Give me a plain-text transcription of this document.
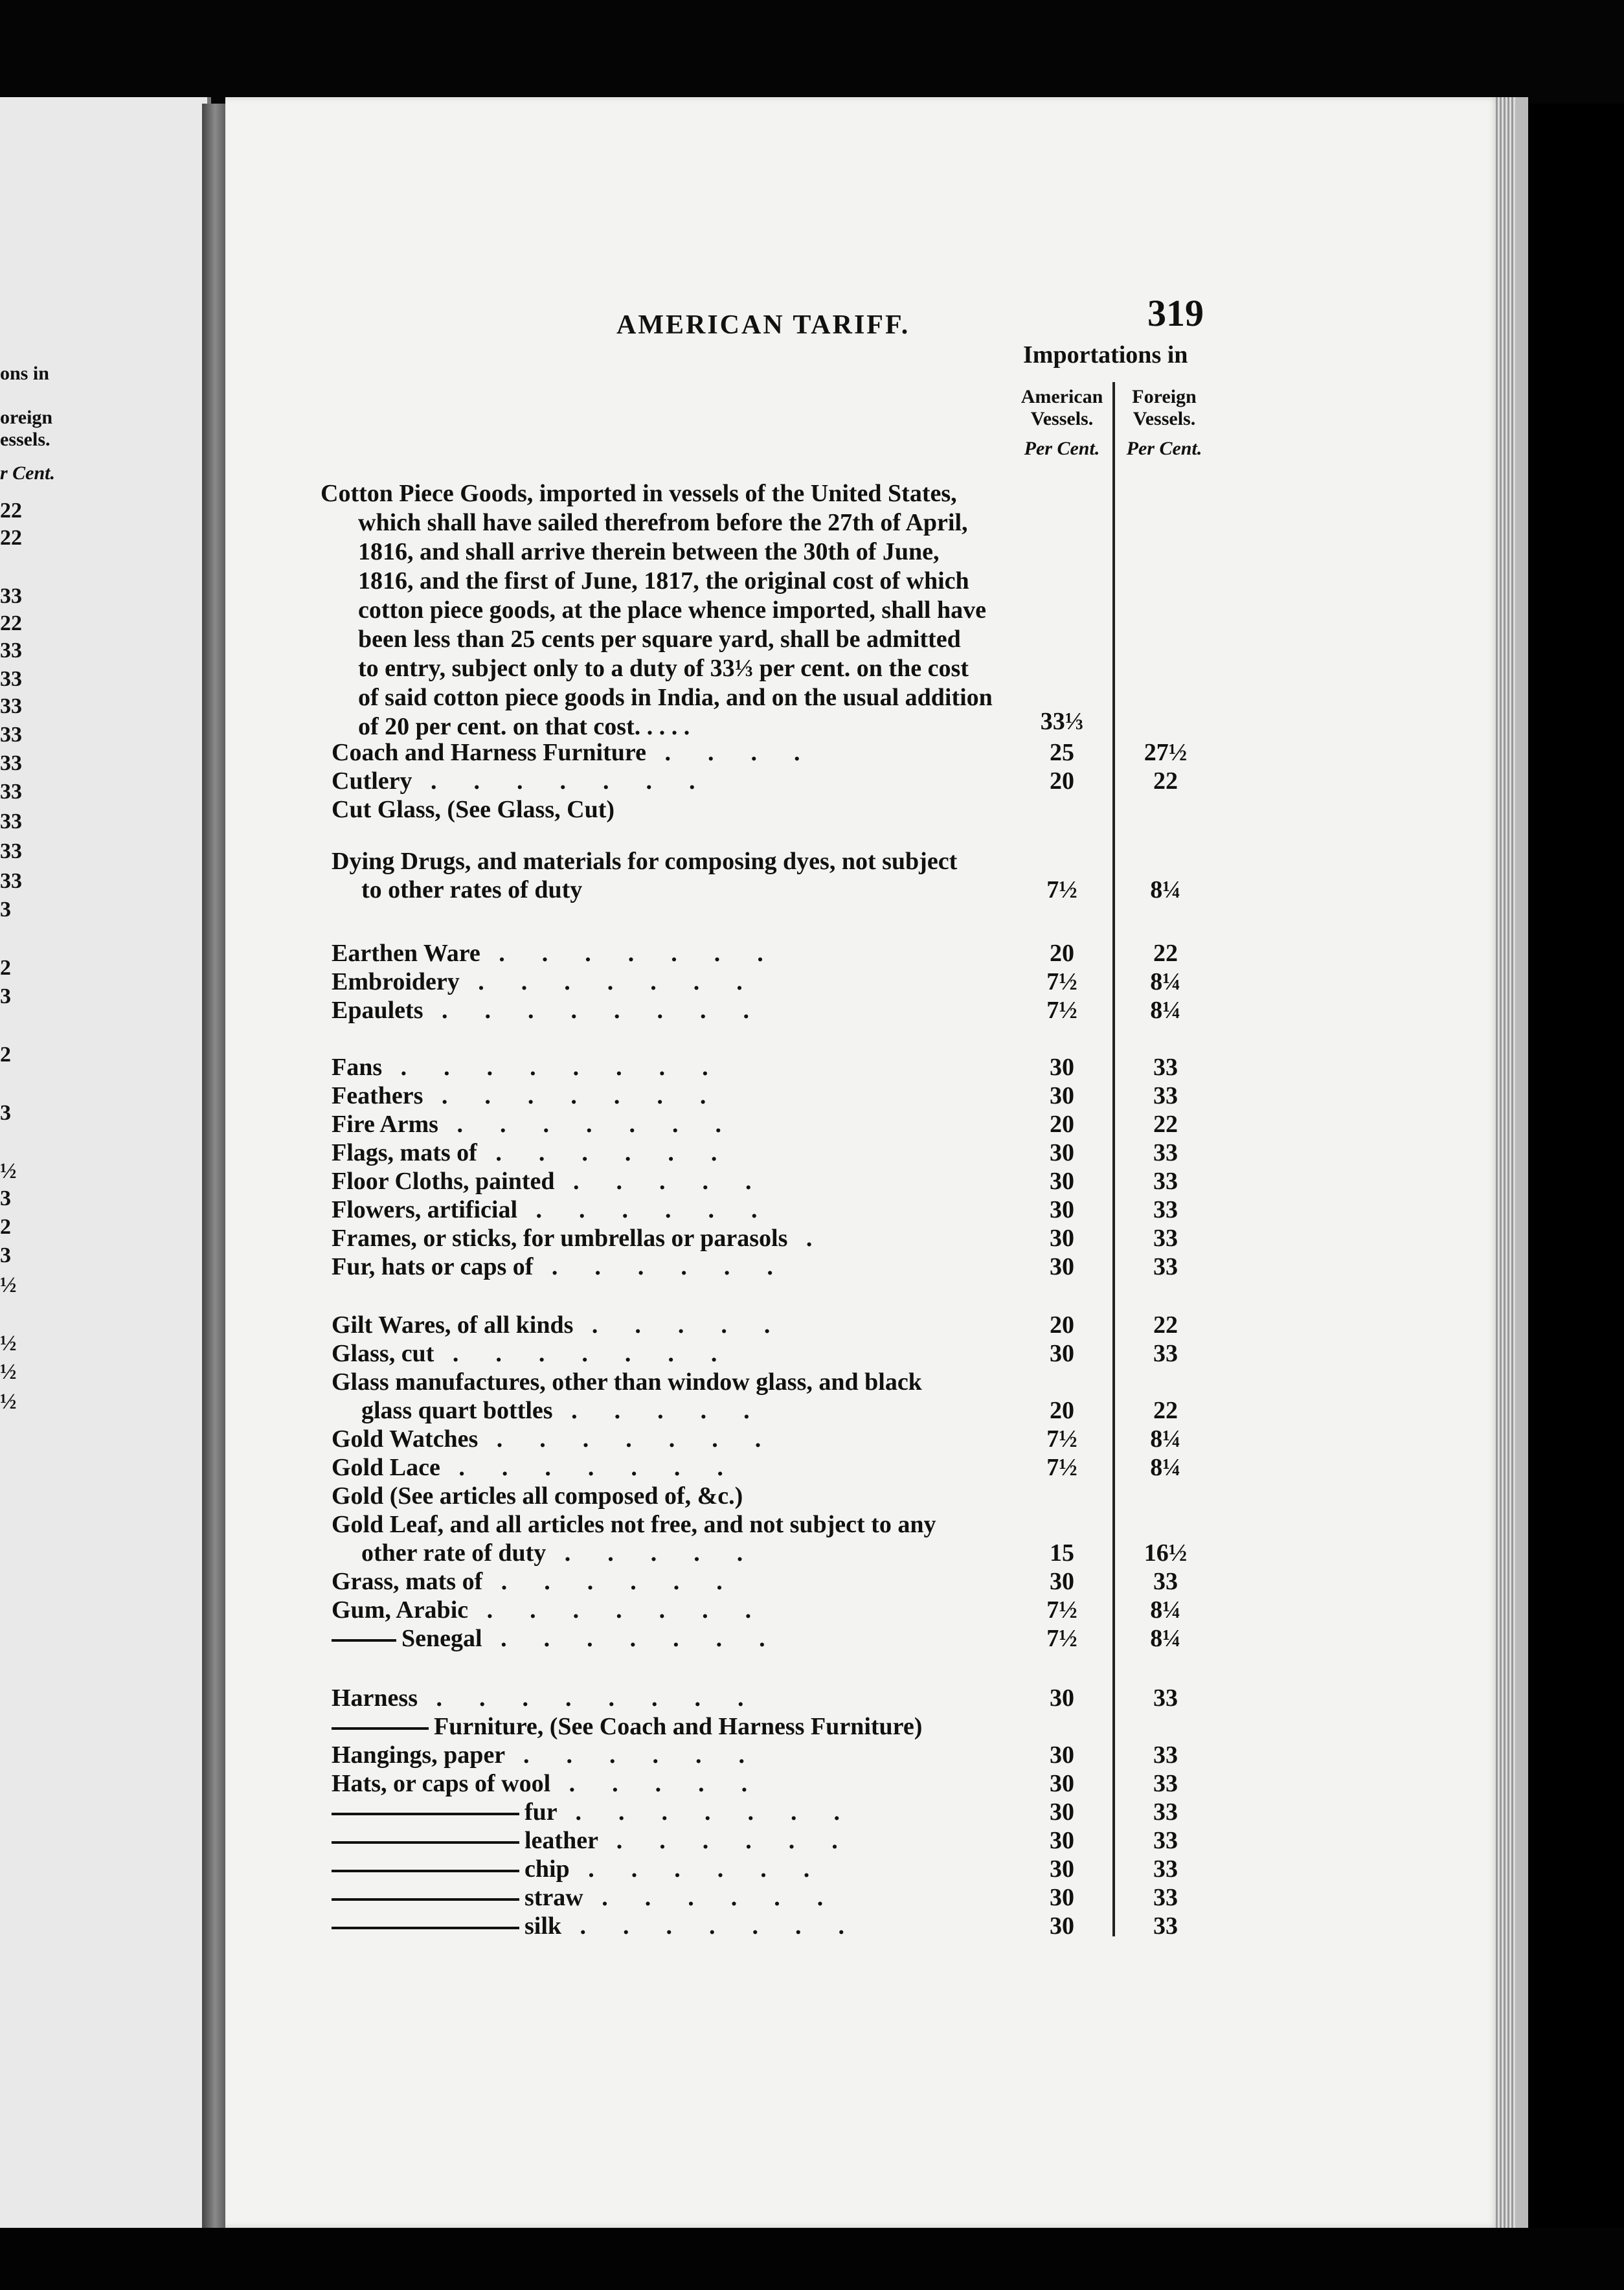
ons in
oreign
essels.
r Cent.
22
22
33
22
33
33
33
33
33
33
33
33
33
3
2
3
2
3
½
3
2
3
½
½
½
½
AMERICAN TARIFF.	319
Importations in
American
Vessels.
Foreign
Vessels.
Per Cent.	Per Cent.
Cotton Piece Goods, imported in vessels of the United States,
which shall have sailed therefrom before the 27th of April,
1816, and shall arrive therein between the 30th of June,
1816, and the first of June, 1817, the original cost of which
cotton piece goods, at the place whence imported, shall have
been less than 25 cents per square yard, shall be admitted
to entry, subject only to a duty of 33⅓ per cent. on the cost
of said cotton piece goods in India, and on the usual addition
of 20 per cent. on that cost. . . . .	33⅓
Coach and Harness Furniture   .      .      .      .	25	27½
Cutlery   .      .      .      .      .      .      .	20	22
Cut Glass, (See Glass, Cut)
Dying Drugs, and materials for composing dyes, not subject
to other rates of duty	7½	8¼
Earthen Ware   .      .      .      .      .      .      .	20	22
Embroidery   .      .      .      .      .      .      .	7½	8¼
Epaulets   .      .      .      .      .      .      .      .	7½	8¼
Fans   .      .      .      .      .      .      .      .	30	33
Feathers   .      .      .      .      .      .      .	30	33
Fire Arms   .      .      .      .      .      .      .	20	22
Flags, mats of   .      .      .      .      .      .	30	33
Floor Cloths, painted   .      .      .      .      .	30	33
Flowers, artificial   .      .      .      .      .      .	30	33
Frames, or sticks, for umbrellas or parasols   .	30	33
Fur, hats or caps of   .      .      .      .      .      .	30	33
Gilt Wares, of all kinds   .      .      .      .      .	20	22
Glass, cut   .      .      .      .      .      .      .	30	33
Glass manufactures, other than window glass, and black
glass quart bottles   .      .      .      .      .	20	22
Gold Watches   .      .      .      .      .      .      .	7½	8¼
Gold Lace   .      .      .      .      .      .      .	7½	8¼
Gold (See articles all composed of, &c.)
Gold Leaf, and all articles not free, and not subject to any
other rate of duty   .      .      .      .      .	15	16½
Grass, mats of   .      .      .      .      .      .	30	33
Gum, Arabic   .      .      .      .      .      .      .	7½	8¼
Senegal   .      .      .      .      .      .      .	7½	8¼
Harness   .      .      .      .      .      .      .      .	30	33
Furniture, (See Coach and Harness Furniture)
Hangings, paper   .      .      .      .      .      .	30	33
Hats, or caps of wool   .      .      .      .      .	30	33
fur   .      .      .      .      .      .      .	30	33
leather   .      .      .      .      .      .	30	33
chip   .      .      .      .      .      .	30	33
straw   .      .      .      .      .      .	30	33
silk   .      .      .      .      .      .      .	30	33
